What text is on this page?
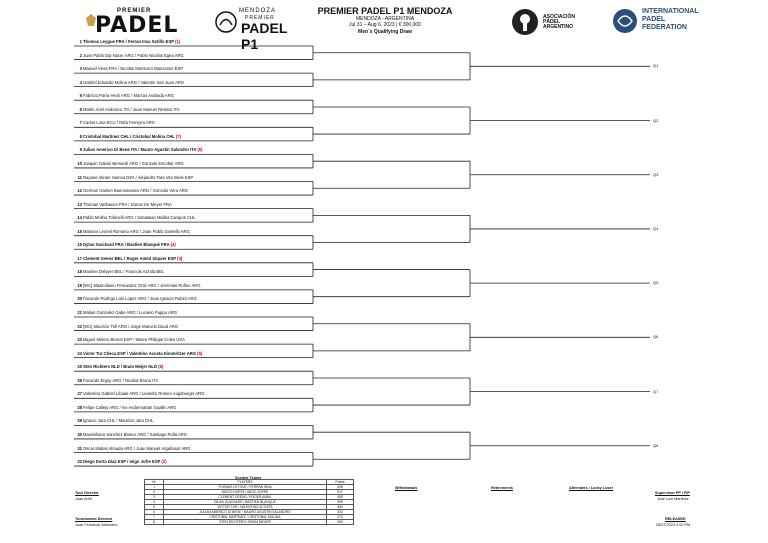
PREMIER
PADEL
MENDOZA
PREMIER
PADEL P1
PREMIER PADEL P1 MENDOZA
MENDOZA - ARGENTINA
Jul 31 – Aug 6, 2023 | € 300,000
Men´s Qualifying Draw
ASOCIACIÓN
PÁDEL
ARGENTINO
INTERNATIONAL
PADEL
FEDERATION
1 Thomas Leygue FRA / Ferran Insa Sotillo ESP (1)
2 Juan Pablo Dip Nacer ARG / Pablo Nicolas Egea ARG
3 Manuel Viera FRA / Nicolás Monsurro Manzanos ESP
4 Gabriel Eduardo Molina ARG / Valentin San Juan ARG
5 Fabricio Parra Heck ARG / Marcos Andrada ARG
6 Martin Ariel Andonico ITA / Juan Manuel Restino ITA
7 Carlos Luna ECU / Rafa Ferreyra ARG
8 Cristobal Martinez CHL / Cristobal Molina CHL (7)
9 Julian Americo Di Bene ITA / Mauro Agustin Salandro ITA (6)
10 Joaquin Gaitan Bernardi ARG / Gonzalo Escobar ARG
11 Rayane Akram Hamou DZA / Alejandro Tara Van Beek ESP
12 German Gaston Buenosvaves ARG / Gonzalo Vera ARG
13 Thomas Vanbauce FRA / Dorian De Meyer FRA
14 Pablo Molina Tofanelli ARG / Sebastian Maillot Campos CHL
15 Mariano Leonel Romano ARG / Juan Pablo Dantello ARG
16 Dylan Guichard FRA / Bastien Blanqué FRA (4)
17 Clement Geens BEL / Roger Amml Siquier ESP (3)
18 Maxime Deloyer BEL / Francois Azzola BEL
19 [WC] Maximiliano Fernandez Ortiz ARG / Jeremias Rufino ARG
20 Facundo Rodrigo Luis Lopez ARG / Juan Ignacio Rubini ARG
21 Matias Gonzalez Gabe ARG / Luciano Puppo ARG
22 [WC] Mauricio Trill ARG / Jorge Marcelo Daud ARG
23 Miguel Melero Bernal ESP / Mateo Philippe Coles USA
24 Victor Tur Checa ESP / Valentino Acosta Kimmritzer ARG (5)
25 Sten Richters NLD / Bram Meijer NLD (8)
26 Facundo Ergoy ARG / Nicolas Bruna ITA
27 Valentino Gabriel Libaak ARG / Leandro Romeo Augsburger ARG
28 Felipe Callejo ARG / Ivo Andermattan Guallin ARG
29 Ignacio Jara CHL / Mauricio Jara CHL
30 Maximiliano Sanchez Blasco ARG / Santiago Rolla ARG
31 Oscar Matias Almada ARG / Juan Manuel Argañaraz ARG
32 Diego Dorta Diaz ESP / Inigo Jofre ESP (2)
Q1
Q2
Q3
Q4
Q5
Q6
Q7
Q8
Tour Director
Juan Arief
Tournament Director
Juan Fernando Maiorano
Seeded Teams
Nr	PLAYERS	Points
1	THOMAS LEYGUE / FERRAN INSA	536
2	DIEGO DORTA / INIGO JOFRE	517
3	CLEMENT GEENS / ROGER AMML	495
4	DILAN GUICHARD / BASTIEN BLANQUE	399
5	VICTOR TUR / VALENTINO ACOSTA	384
6	JULIAN AMERICO DI BENE / MAURO AGUSTIN SALANDRO	333
7	CRISTOBAL MARTINEZ / CRISTOBAL MOLINA	270
8	STEN RICHTERS / BRAM MEIJER	266
Withdrawals	Retirements	Alternates / Lucky Loser
Supervisor PP / FIP
José Luis Martinez
RELEASED
28/07/2023 2:00 PM
